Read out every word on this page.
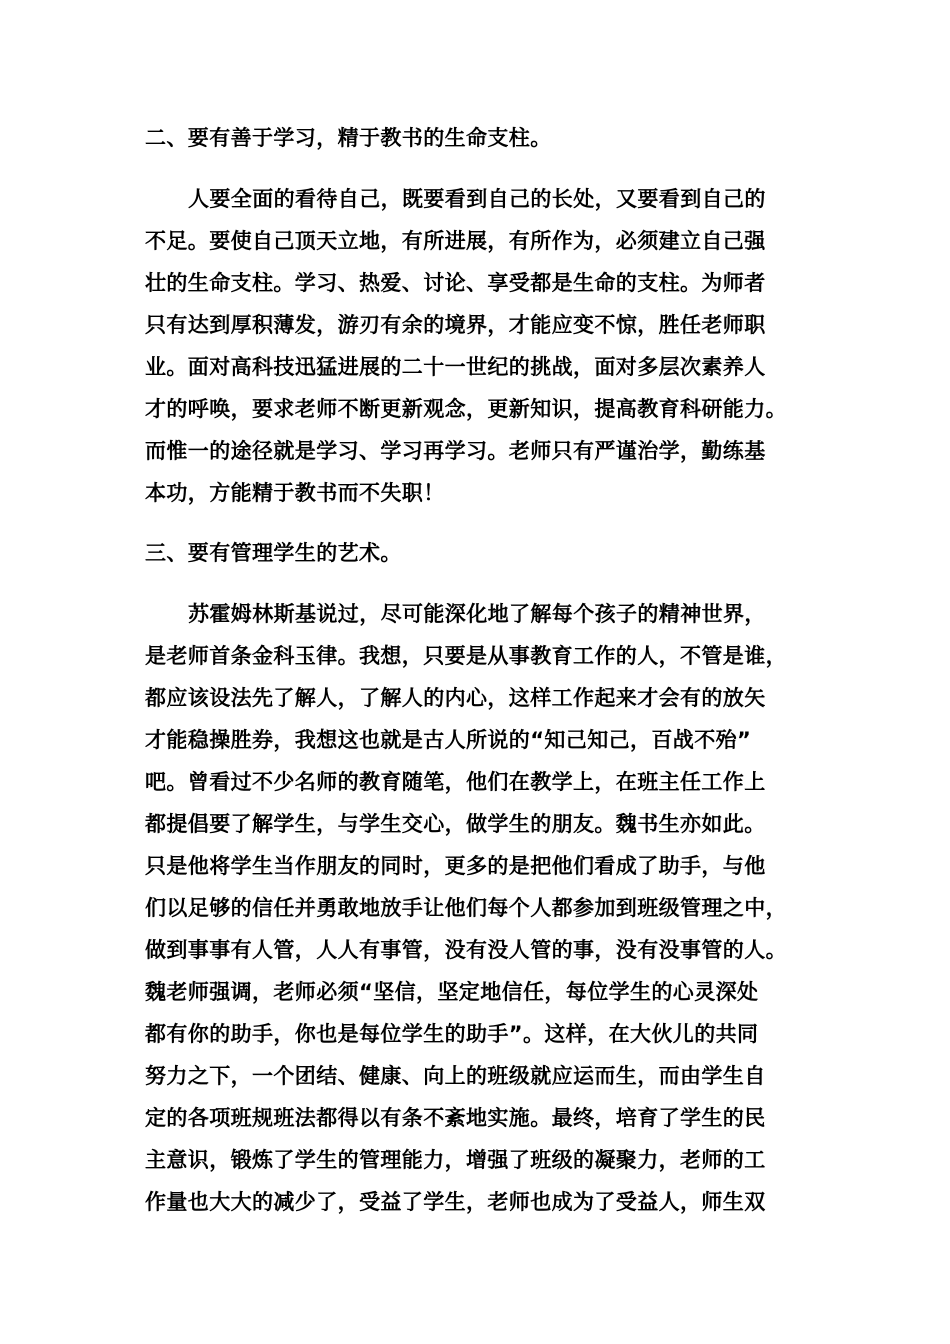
二、要有善于学习，精于教书的生命支柱。
人要全面的看待自己，既要看到自己的长处，又要看到自己的
不足。要使自己顶天立地，有所进展，有所作为，必须建立自己强
壮的生命支柱。学习、热爱、讨论、享受都是生命的支柱。为师者
只有达到厚积薄发，游刃有余的境界，才能应变不惊，胜任老师职
业。面对高科技迅猛进展的二十一世纪的挑战，面对多层次素养人
才的呼唤，要求老师不断更新观念，更新知识，提高教育科研能力。
而惟一的途径就是学习、学习再学习。老师只有严谨治学，勤练基
本功，方能精于教书而不失职！
三、要有管理学生的艺术。
苏霍姆林斯基说过，尽可能深化地了解每个孩子的精神世界，
是老师首条金科玉律。我想，只要是从事教育工作的人，不管是谁，
都应该设法先了解人，了解人的内心，这样工作起来才会有的放矢
才能稳操胜券，我想这也就是古人所说的“知己知己，百战不殆”
吧。曾看过不少名师的教育随笔，他们在教学上，在班主任工作上
都提倡要了解学生，与学生交心，做学生的朋友。魏书生亦如此。
只是他将学生当作朋友的同时，更多的是把他们看成了助手，与他
们以足够的信任并勇敢地放手让他们每个人都参加到班级管理之中，
做到事事有人管，人人有事管，没有没人管的事，没有没事管的人。
魏老师强调，老师必须“坚信，坚定地信任，每位学生的心灵深处
都有你的助手，你也是每位学生的助手”。这样，在大伙儿的共同
努力之下，一个团结、健康、向上的班级就应运而生，而由学生自
定的各项班规班法都得以有条不紊地实施。最终，培育了学生的民
主意识，锻炼了学生的管理能力，增强了班级的凝聚力，老师的工
作量也大大的减少了，受益了学生，老师也成为了受益人，师生双
